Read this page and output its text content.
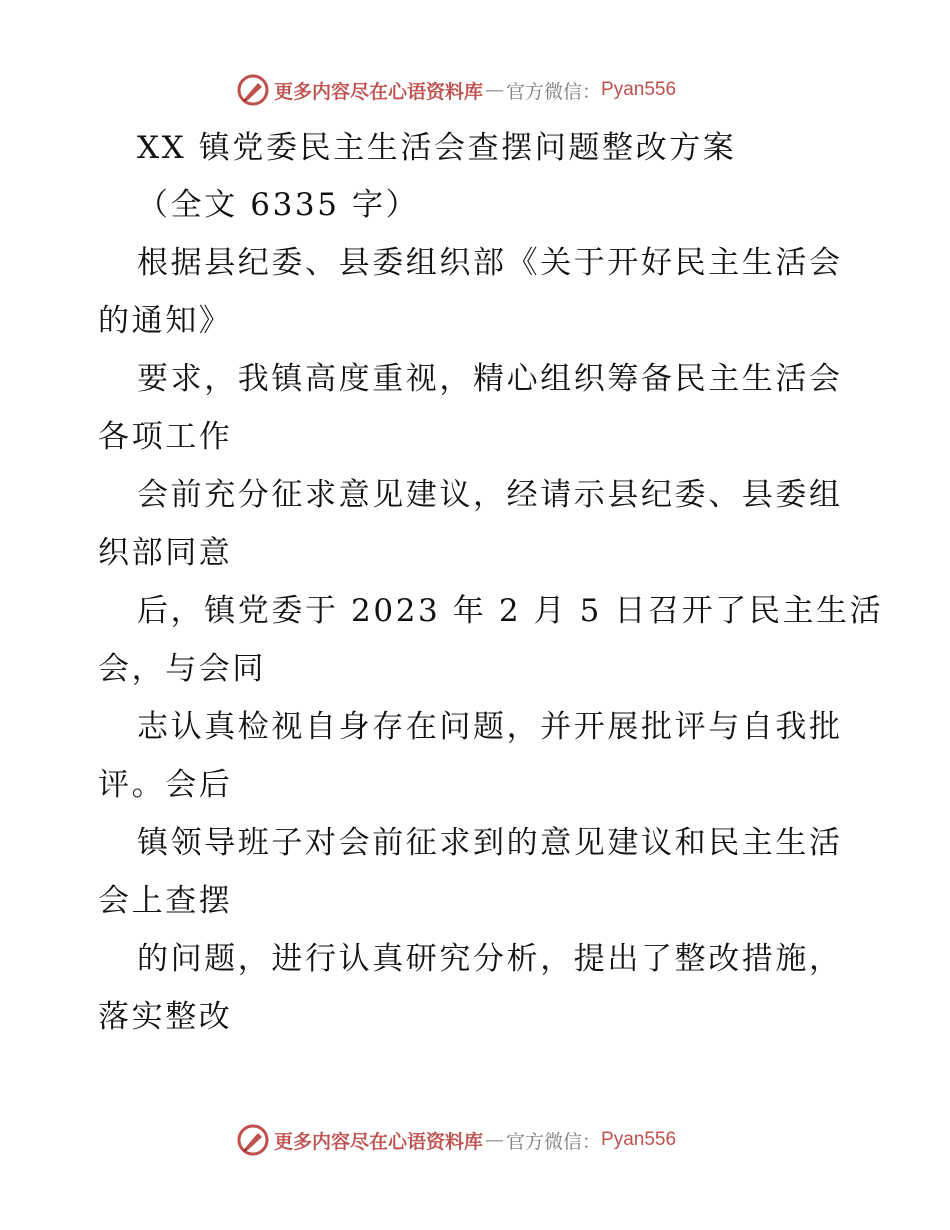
更多内容尽在心语资料库 — 官方微信： Pyan556
XX 镇党委民主生活会查摆问题整改方案
（全文 6335 字）
根据县纪委、县委组织部《关于开好民主生活会
的通知》
要求，我镇高度重视，精心组织筹备民主生活会
各项工作
会前充分征求意见建议，经请示县纪委、县委组
织部同意
后，镇党委于 2023 年 2 月 5 日召开了民主生活
会，与会同
志认真检视自身存在问题，并开展批评与自我批
评。会后
镇领导班子对会前征求到的意见建议和民主生活
会上查摆
的问题，进行认真研究分析，提出了整改措施，
落实整改
更多内容尽在心语资料库 — 官方微信： Pyan556
